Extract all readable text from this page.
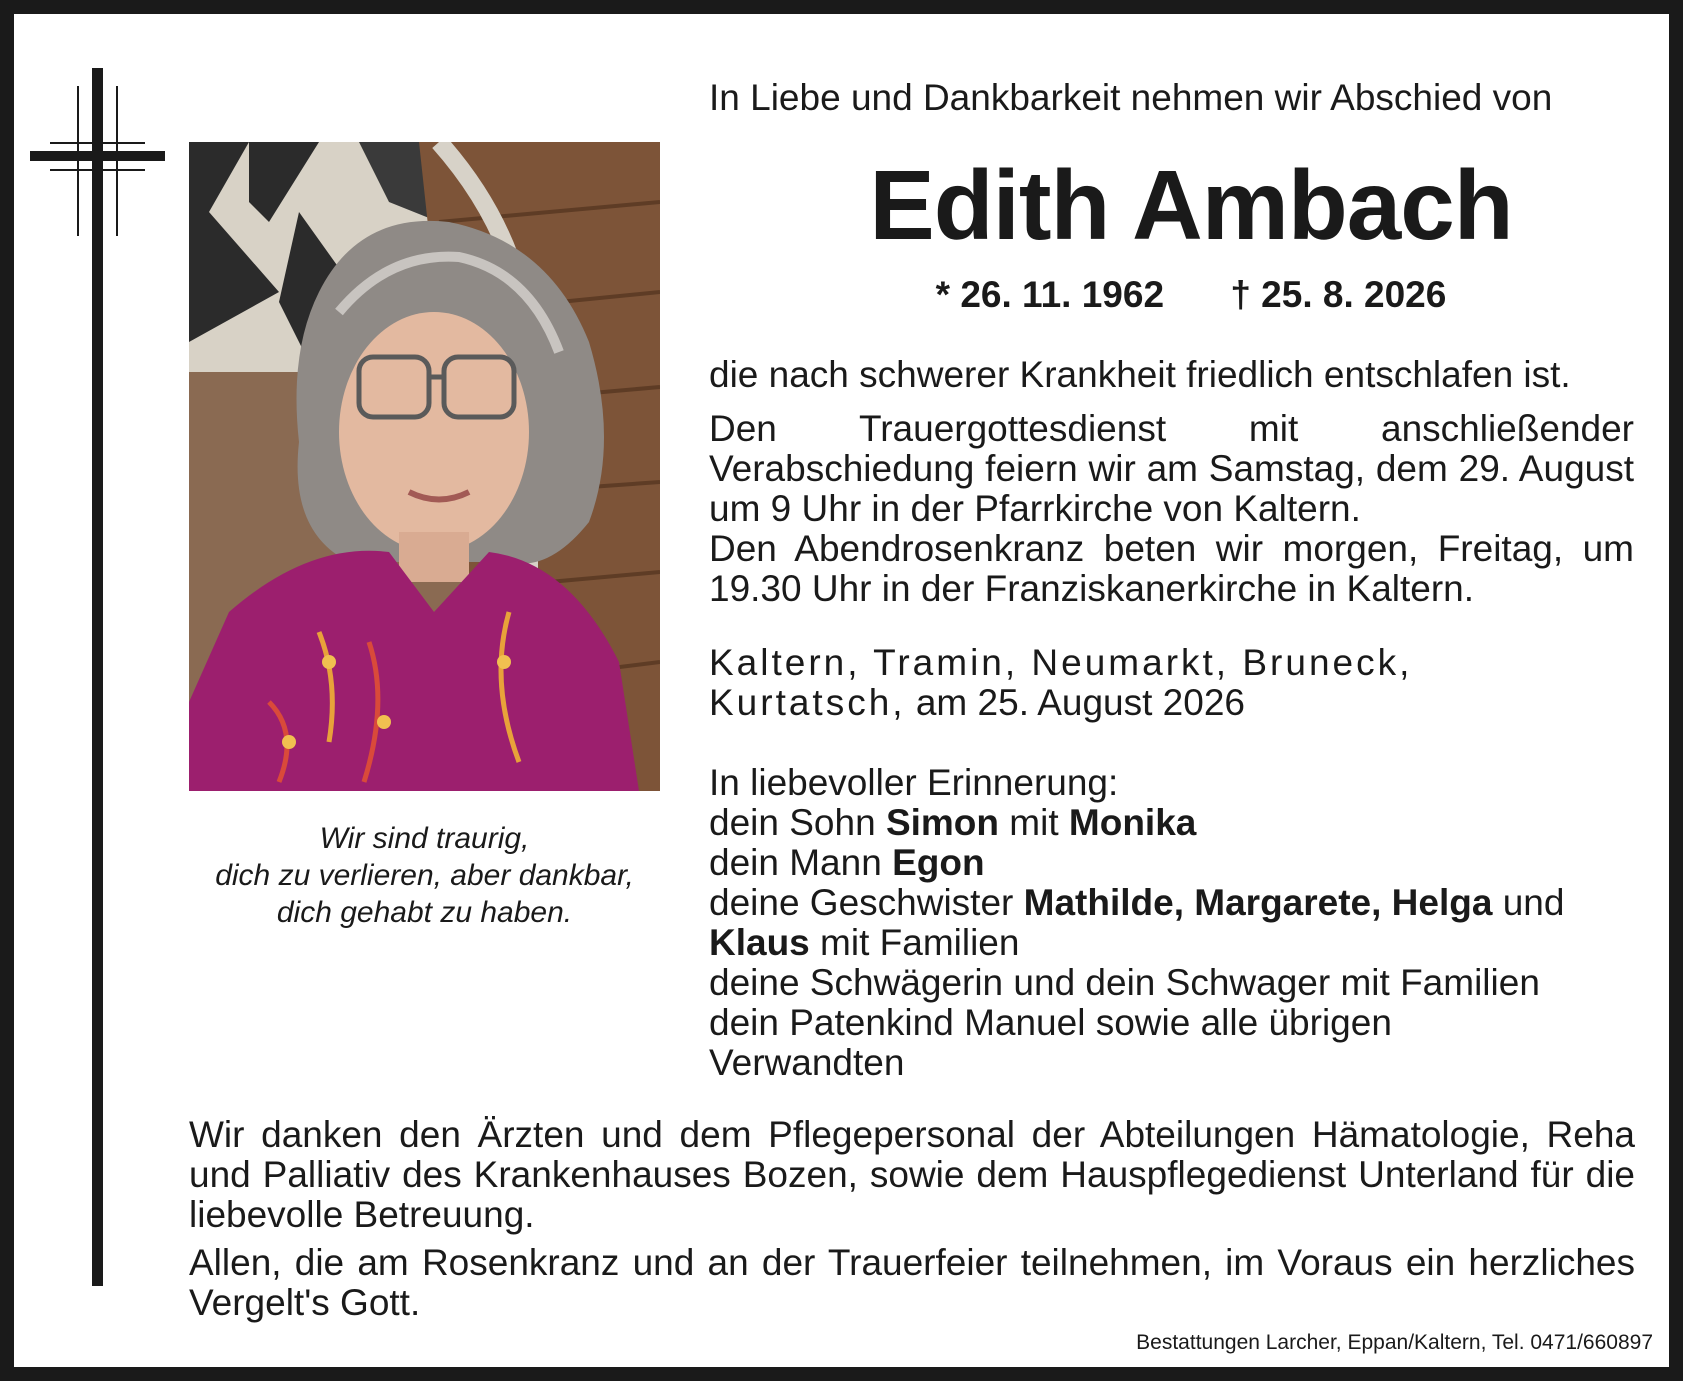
Wir sind traurig,
dich zu verlieren, aber dankbar,
dich gehabt zu haben.
In Liebe und Dankbarkeit nehmen wir Abschied von
Edith Ambach
* 26. 11. 1962 † 25. 8. 2026
die nach schwerer Krankheit friedlich entschlafen ist.
Den Trauergottesdienst mit anschließender Verabschiedung feiern wir am Samstag, dem 29. August um 9 Uhr in der Pfarrkirche von Kaltern.
Den Abendrosenkranz beten wir morgen, Freitag, um 19.30 Uhr in der Franziskanerkirche in Kaltern.
Kaltern, Tramin, Neumarkt, Bruneck,
Kurtatsch, am 25. August 2026
In liebevoller Erinnerung:
dein Sohn Simon mit Monika
dein Mann Egon
deine Geschwister Mathilde, Margarete, Helga und
Klaus mit Familien
deine Schwägerin und dein Schwager mit Familien
dein Patenkind Manuel sowie alle übrigen
Verwandten
Wir danken den Ärzten und dem Pflegepersonal der Abteilungen Hämatologie, Reha und Palliativ des Krankenhauses Bozen, sowie dem Hauspflegedienst Unterland für die liebevolle Betreuung.
Allen, die am Rosenkranz und an der Trauerfeier teilnehmen, im Voraus ein herzliches Vergelt's Gott.
Bestattungen Larcher, Eppan/Kaltern, Tel. 0471/660897
